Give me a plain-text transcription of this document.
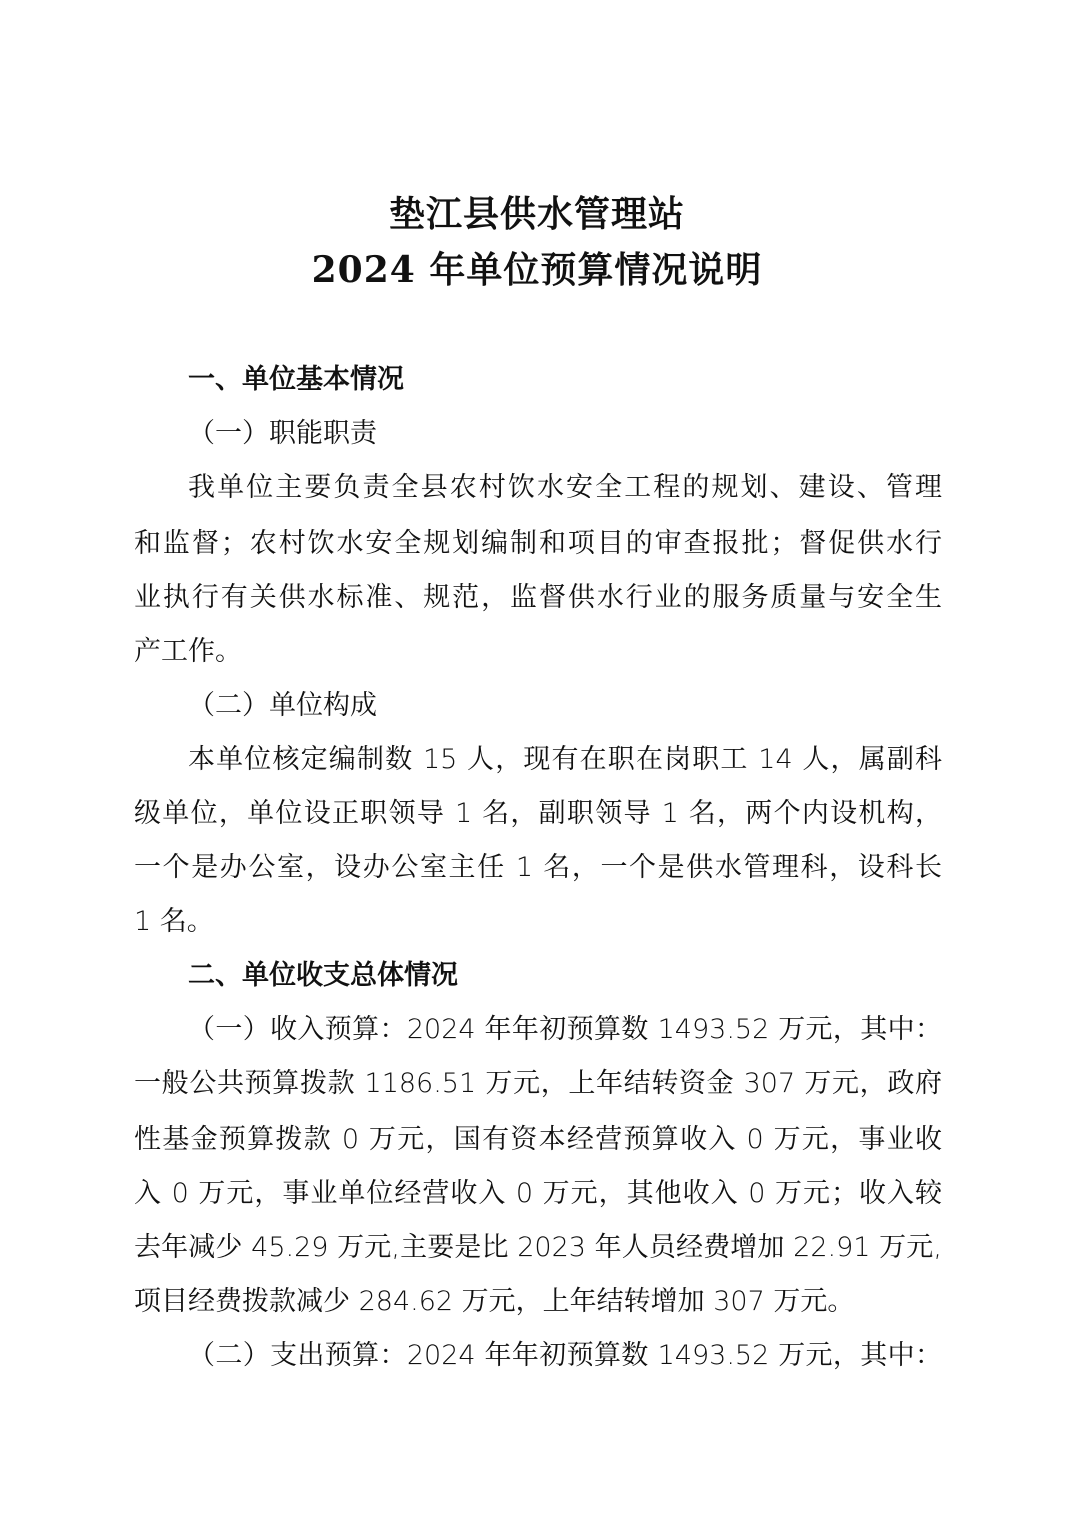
垫江县供水管理站
2024 年单位预算情况说明
一、单位基本情况
（一）职能职责
我单位主要负责全县农村饮水安全工程的规划、建设、管理
和监督；农村饮水安全规划编制和项目的审查报批；督促供水行
业执行有关供水标准、规范，监督供水行业的服务质量与安全生
产工作。
（二）单位构成
本单位核定编制数 15 人，现有在职在岗职工 14 人，属副科
级单位，单位设正职领导 1 名，副职领导 1 名，两个内设机构，
一个是办公室，设办公室主任 1 名，一个是供水管理科，设科长
1 名。
二、单位收支总体情况
（一）收入预算：2024 年年初预算数 1493.52 万元，其中：
一般公共预算拨款 1186.51 万元，上年结转资金 307 万元，政府
性基金预算拨款 0 万元，国有资本经营预算收入 0 万元，事业收
入 0 万元，事业单位经营收入 0 万元，其他收入 0 万元；收入较
去年减少 45.29 万元,主要是比 2023 年人员经费增加 22.91 万元,
项目经费拨款减少 284.62 万元，上年结转增加 307 万元。
（二）支出预算：2024 年年初预算数 1493.52 万元，其中：
